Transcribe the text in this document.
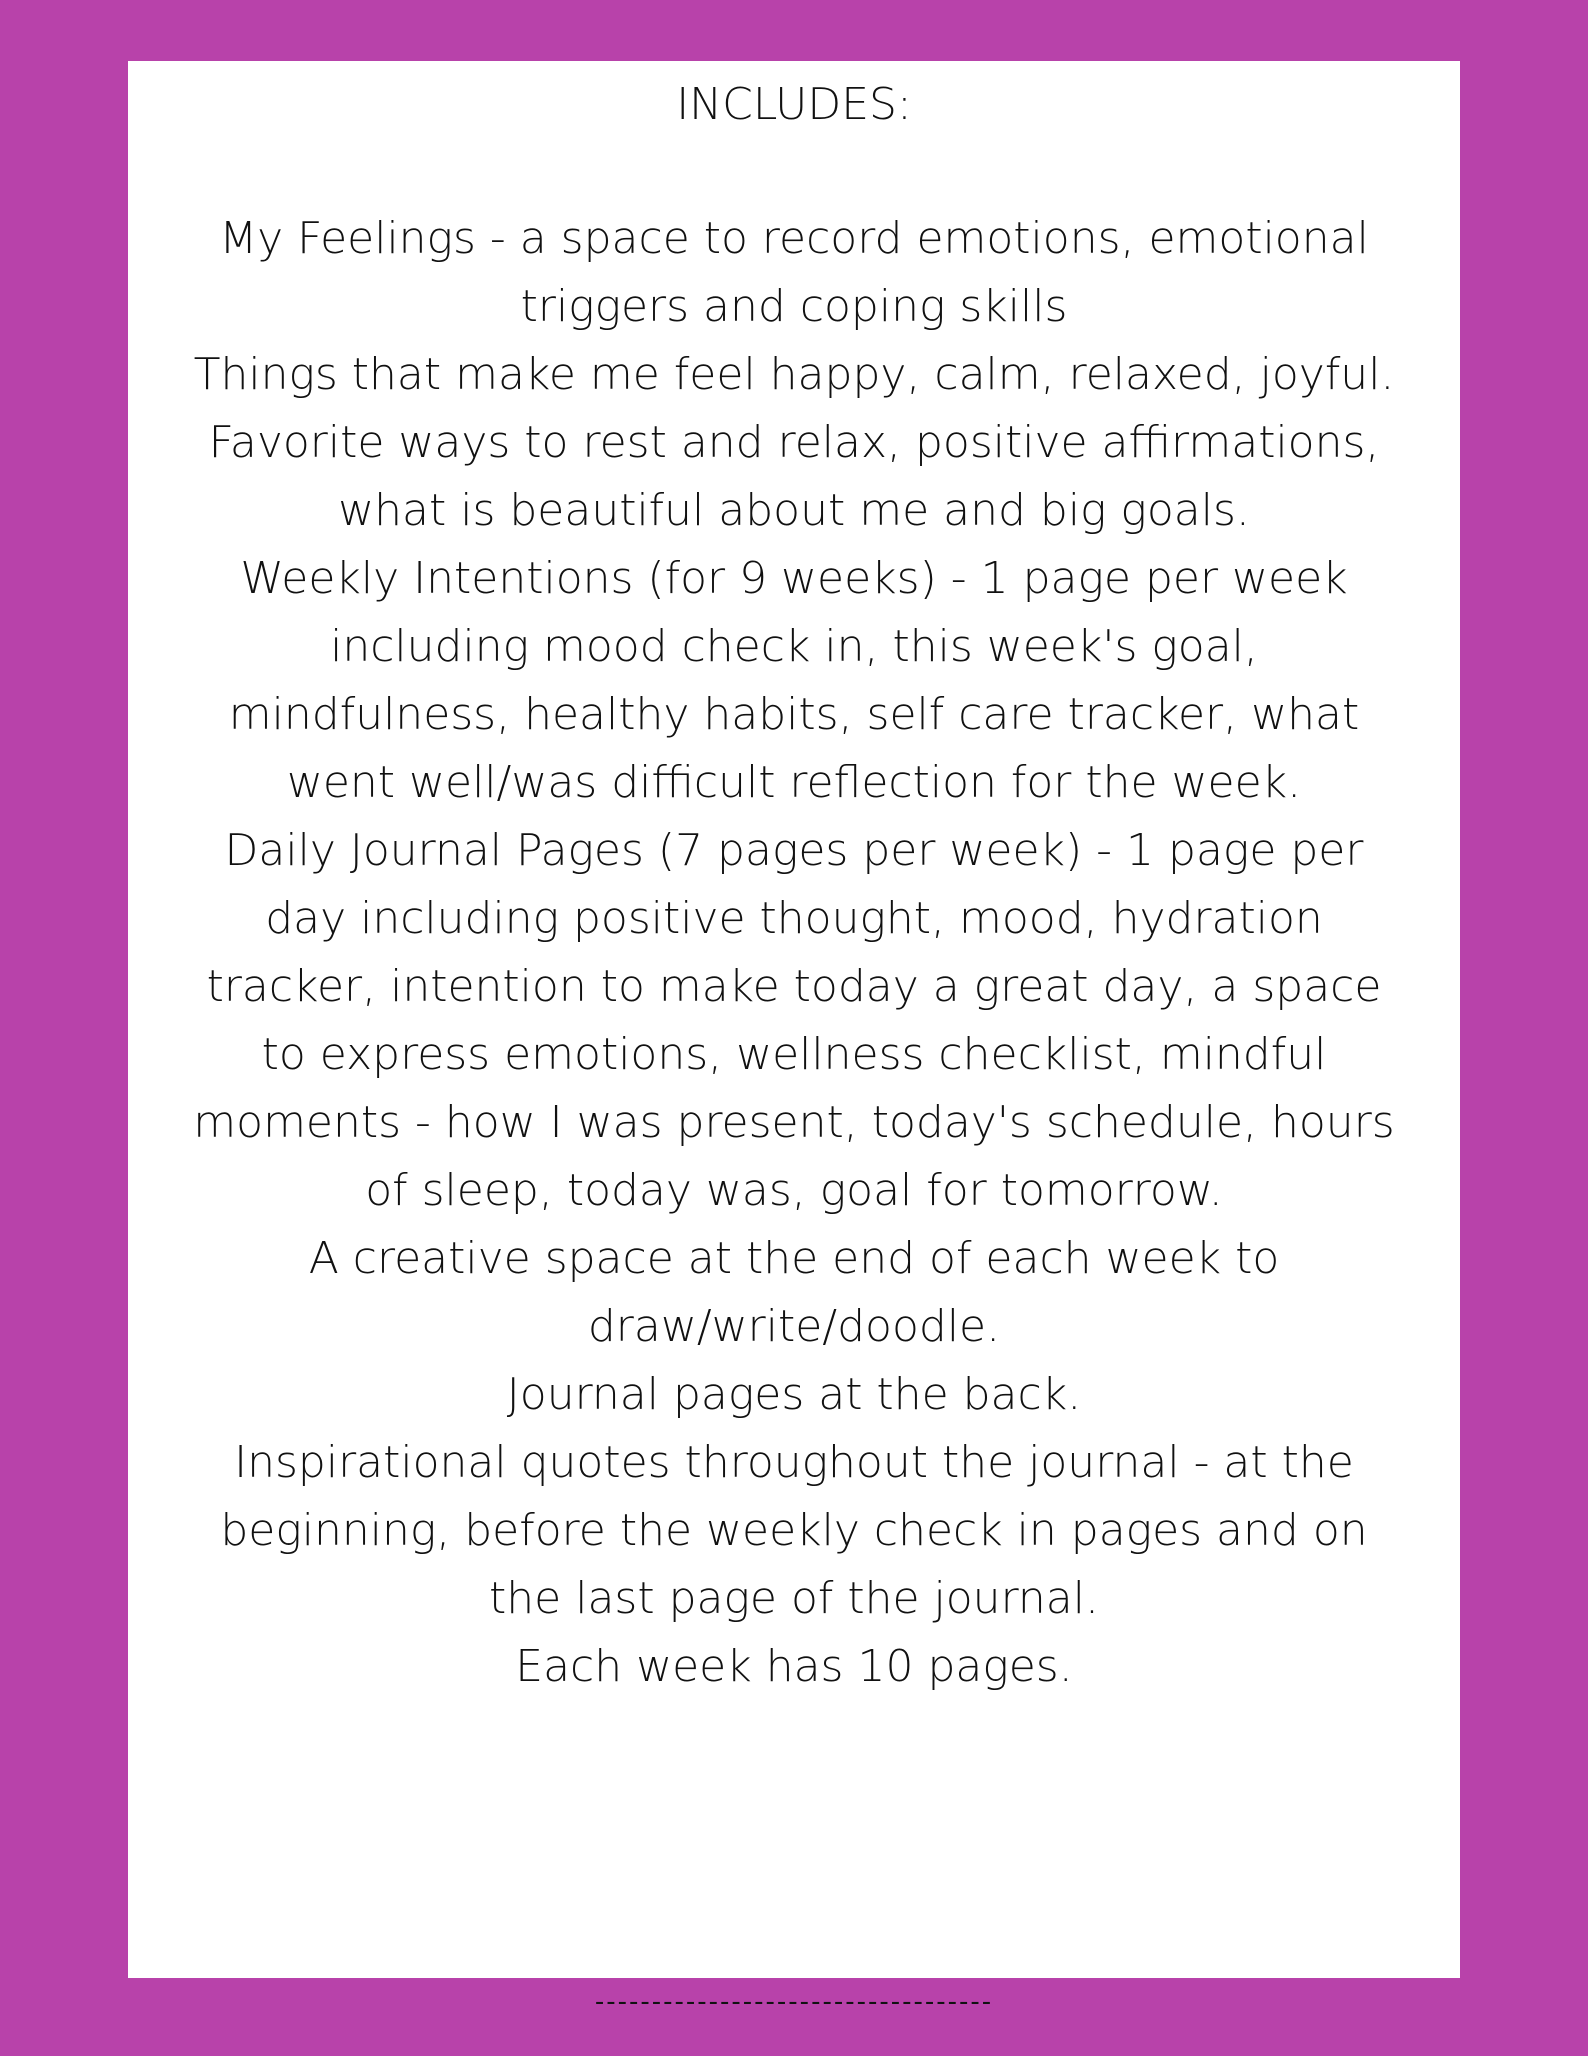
INCLUDES:

My Feelings - a space to record emotions, emotional triggers and coping skills

Things that make me feel happy, calm, relaxed, joyful. Favorite ways to rest and relax, positive affirmations, what is beautiful about me and big goals.

Weekly Intentions (for 9 weeks) - 1 page per week including mood check in, this week's goal, mindfulness, healthy habits, self care tracker, what went well/was difficult reflection for the week.

Daily Journal Pages (7 pages per week) - 1 page per day including positive thought, mood, hydration tracker, intention to make today a great day, a space to express emotions, wellness checklist, mindful moments - how I was present, today's schedule, hours of sleep, today was, goal for tomorrow.

A creative space at the end of each week to draw/write/doodle.

Journal pages at the back.

Inspirational quotes throughout the journal - at the beginning, before the weekly check in pages and on the last page of the journal.

Each week has 10 pages.

-----------------------------------
